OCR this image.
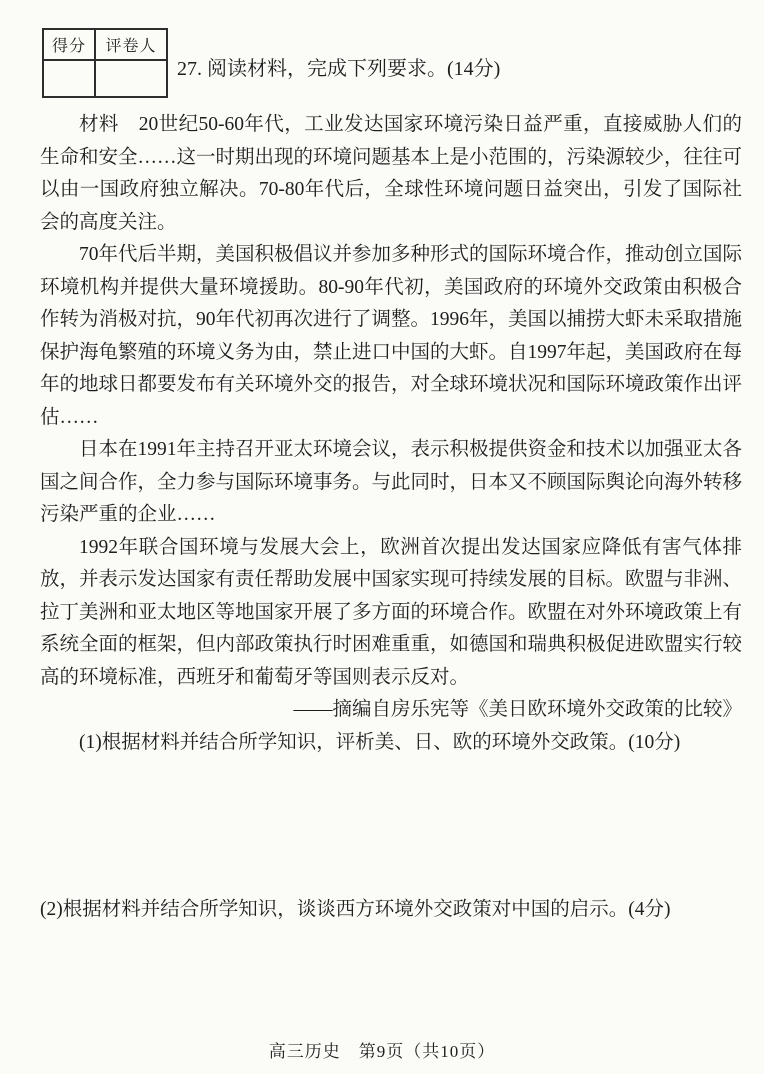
得分	评卷人
27. 阅读材料，完成下列要求。(14分)

材料　20世纪50-60年代，工业发达国家环境污染日益严重，直接威胁人们的生命和安全……这一时期出现的环境问题基本上是小范围的，污染源较少，往往可以由一国政府独立解决。70-80年代后，全球性环境问题日益突出，引发了国际社会的高度关注。

70年代后半期，美国积极倡议并参加多种形式的国际环境合作，推动创立国际环境机构并提供大量环境援助。80-90年代初，美国政府的环境外交政策由积极合作转为消极对抗，90年代初再次进行了调整。1996年，美国以捕捞大虾未采取措施保护海龟繁殖的环境义务为由，禁止进口中国的大虾。自1997年起，美国政府在每年的地球日都要发布有关环境外交的报告，对全球环境状况和国际环境政策作出评估……

日本在1991年主持召开亚太环境会议，表示积极提供资金和技术以加强亚太各国之间合作，全力参与国际环境事务。与此同时，日本又不顾国际舆论向海外转移污染严重的企业……

1992年联合国环境与发展大会上，欧洲首次提出发达国家应降低有害气体排放，并表示发达国家有责任帮助发展中国家实现可持续发展的目标。欧盟与非洲、拉丁美洲和亚太地区等地国家开展了多方面的环境合作。欧盟在对外环境政策上有系统全面的框架，但内部政策执行时困难重重，如德国和瑞典积极促进欧盟实行较高的环境标准，西班牙和葡萄牙等国则表示反对。

——摘编自房乐宪等《美日欧环境外交政策的比较》

(1)根据材料并结合所学知识，评析美、日、欧的环境外交政策。(10分)

(2)根据材料并结合所学知识，谈谈西方环境外交政策对中国的启示。(4分)
高三历史　第9页（共10页）
